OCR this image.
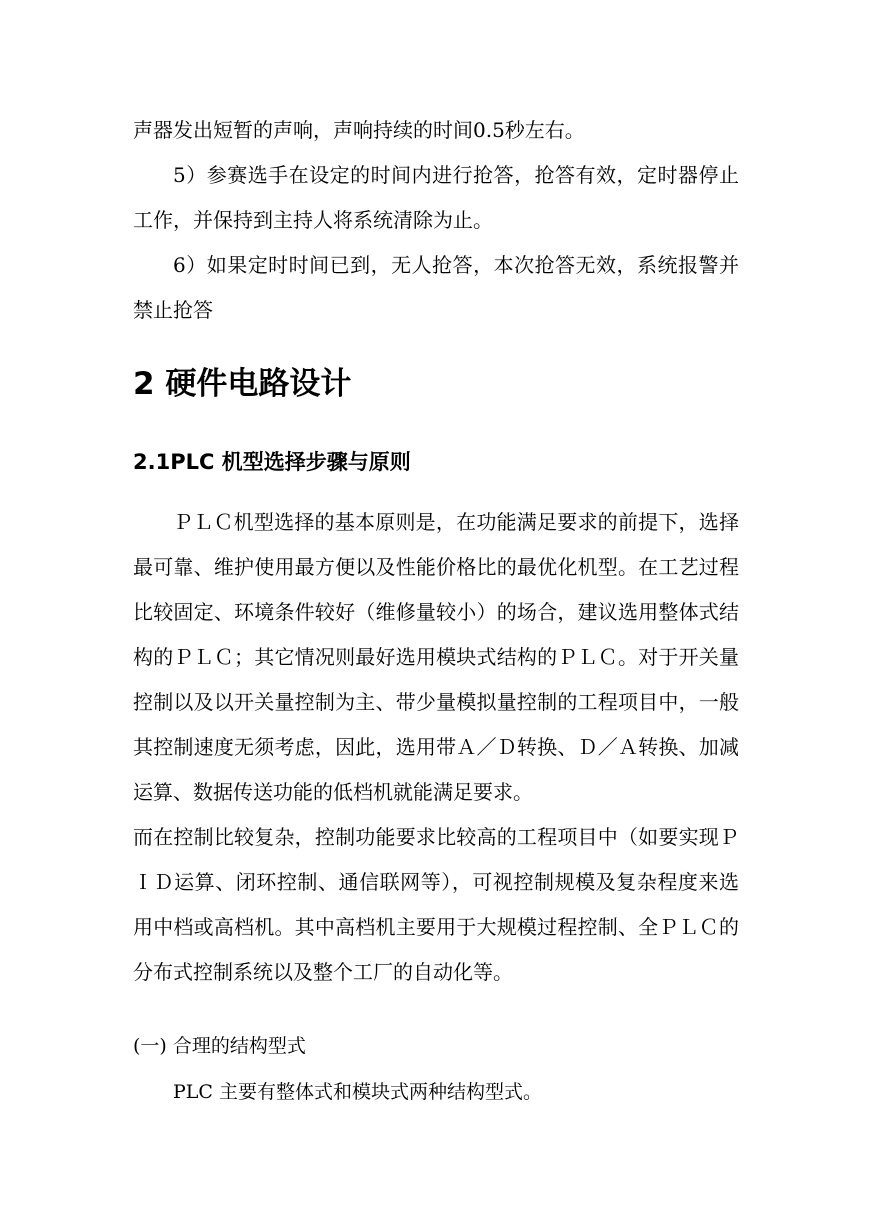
声器发出短暂的声响，声响持续的时间0.5秒左右。

5）参赛选手在设定的时间内进行抢答，抢答有效，定时器停止工作，并保持到主持人将系统清除为止。

6）如果定时时间已到，无人抢答，本次抢答无效，系统报警并禁止抢答

2 硬件电路设计
2.1PLC 机型选择步骤与原则

ＰＬＣ机型选择的基本原则是，在功能满足要求的前提下，选择最可靠、维护使用最方便以及性能价格比的最优化机型。在工艺过程比较固定、环境条件较好（维修量较小）的场合，建议选用整体式结构的ＰＬＣ；其它情况则最好选用模块式结构的ＰＬＣ。对于开关量控制以及以开关量控制为主、带少量模拟量控制的工程项目中，一般其控制速度无须考虑，因此，选用带Ａ／Ｄ转换、Ｄ／Ａ转换、加减运算、数据传送功能的低档机就能满足要求。

而在控制比较复杂，控制功能要求比较高的工程项目中（如要实现ＰＩＤ运算、闭环控制、通信联网等），可视控制规模及复杂程度来选用中档或高档机。其中高档机主要用于大规模过程控制、全ＰＬＣ的分布式控制系统以及整个工厂的自动化等。

(一) 合理的结构型式

PLC 主要有整体式和模块式两种结构型式。
